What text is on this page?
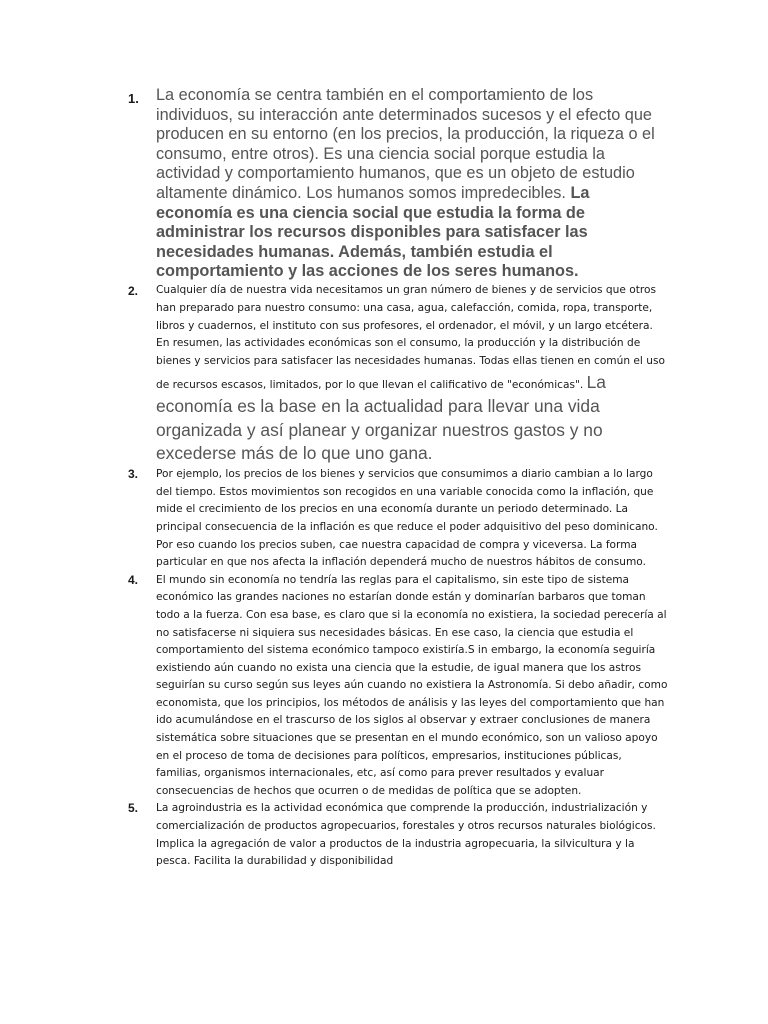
1. La economía se centra también en el comportamiento de los individuos, su interacción ante determinados sucesos y el efecto que producen en su entorno (en los precios, la producción, la riqueza o el consumo, entre otros). Es una ciencia social porque estudia la actividad y comportamiento humanos, que es un objeto de estudio altamente dinámico. Los humanos somos impredecibles. La economía es una ciencia social que estudia la forma de administrar los recursos disponibles para satisfacer las necesidades humanas. Además, también estudia el comportamiento y las acciones de los seres humanos.

2. Cualquier día de nuestra vida necesitamos un gran número de bienes y de servicios que otros han preparado para nuestro consumo: una casa, agua, calefacción, comida, ropa, transporte, libros y cuadernos, el instituto con sus profesores, el ordenador, el móvil, y un largo etcétera. En resumen, las actividades económicas son el consumo, la producción y la distribución de bienes y servicios para satisfacer las necesidades humanas. Todas ellas tienen en común el uso de recursos escasos, limitados, por lo que llevan el calificativo de "económicas". La economía es la base en la actualidad para llevar una vida organizada y así planear y organizar nuestros gastos y no excederse más de lo que uno gana.

3. Por ejemplo, los precios de los bienes y servicios que consumimos a diario cambian a lo largo del tiempo. Estos movimientos son recogidos en una variable conocida como la inflación, que mide el crecimiento de los precios en una economía durante un periodo determinado. La principal consecuencia de la inflación es que reduce el poder adquisitivo del peso dominicano. Por eso cuando los precios suben, cae nuestra capacidad de compra y viceversa. La forma particular en que nos afecta la inflación dependerá mucho de nuestros hábitos de consumo.

4. El mundo sin economía no tendría las reglas para el capitalismo, sin este tipo de sistema económico las grandes naciones no estarían donde están y dominarían barbaros que toman todo a la fuerza. Con esa base, es claro que si la economía no existiera, la sociedad perecería al no satisfacerse ni siquiera sus necesidades básicas. En ese caso, la ciencia que estudia el comportamiento del sistema económico tampoco existiría.S in embargo, la economía seguiría existiendo aún cuando no exista una ciencia que la estudie, de igual manera que los astros seguirían su curso según sus leyes aún cuando no existiera la Astronomía. Si debo añadir, como economista, que los principios, los métodos de análisis y las leyes del comportamiento que han ido acumulándose en el trascurso de los siglos al observar y extraer conclusiones de manera sistemática sobre situaciones que se presentan en el mundo económico, son un valioso apoyo en el proceso de toma de decisiones para políticos, empresarios, instituciones públicas, familias, organismos internacionales, etc, así como para prever resultados y evaluar consecuencias de hechos que ocurren o de medidas de política que se adopten.

5. La agroindustria es la actividad económica que comprende la producción, industrialización y comercialización de productos agropecuarios, forestales y otros recursos naturales biológicos. Implica la agregación de valor a productos de la industria agropecuaria, la silvicultura y la pesca. Facilita la durabilidad y disponibilidad
